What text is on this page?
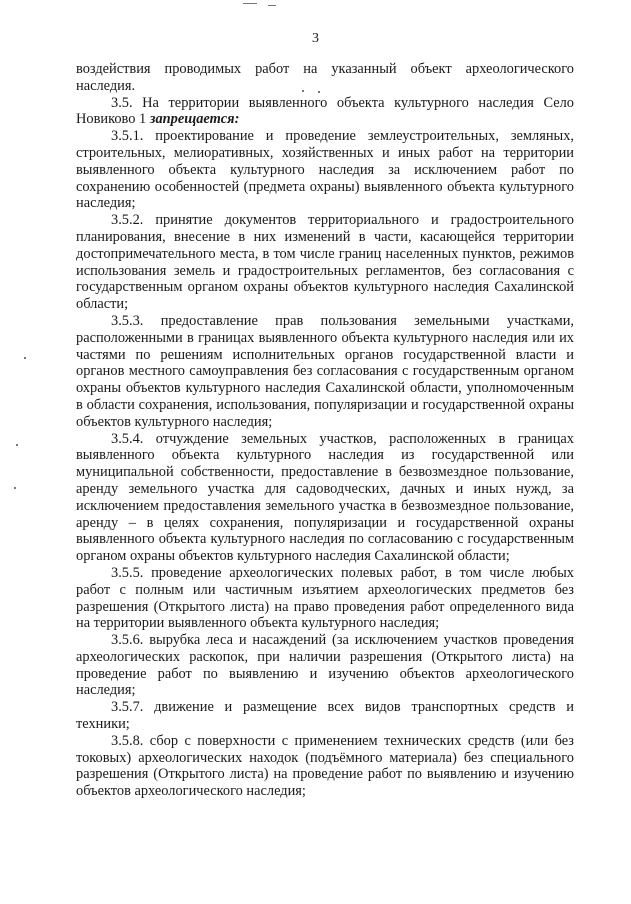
3

воздействия проводимых работ на указанный объект археологического наследия.

3.5. На территории выявленного объекта культурного наследия Село Новиково 1 запрещается:

3.5.1. проектирование и проведение землеустроительных, земляных, строительных, мелиоративных, хозяйственных и иных работ на территории выявленного объекта культурного наследия за исключением работ по сохранению особенностей (предмета охраны) выявленного объекта культурного наследия;

3.5.2. принятие документов территориального и градостроительного планирования, внесение в них изменений в части, касающейся территории достопримечательного места, в том числе границ населенных пунктов, режимов использования земель и градостроительных регламентов, без согласования с государственным органом охраны объектов культурного наследия Сахалинской области;

3.5.3. предоставление прав пользования земельными участками, расположенными в границах выявленного объекта культурного наследия или их частями по решениям исполнительных органов государственной власти и органов местного самоуправления без согласования с государственным органом охраны объектов культурного наследия Сахалинской области, уполномоченным в области сохранения, использования, популяризации и государственной охраны объектов культурного наследия;

3.5.4. отчуждение земельных участков, расположенных в границах выявленного объекта культурного наследия из государственной или муниципальной собственности, предоставление в безвозмездное пользование, аренду земельного участка для садоводческих, дачных и иных нужд, за исключением предоставления земельного участка в безвозмездное пользование, аренду – в целях сохранения, популяризации и государственной охраны выявленного объекта культурного наследия по согласованию с государственным органом охраны объектов культурного наследия Сахалинской области;

3.5.5. проведение археологических полевых работ, в том числе любых работ с полным или частичным изъятием археологических предметов без разрешения (Открытого листа) на право проведения работ определенного вида на территории выявленного объекта культурного наследия;

3.5.6. вырубка леса и насаждений (за исключением участков проведения археологических раскопок, при наличии разрешения (Открытого листа) на проведение работ по выявлению и изучению объектов археологического наследия;

3.5.7. движение и размещение всех видов транспортных средств и техники;

3.5.8. сбор с поверхности с применением технических средств (или без токовых) археологических находок (подъёмного материала) без специального разрешения (Открытого листа) на проведение работ по выявлению и изучению объектов археологического наследия;
